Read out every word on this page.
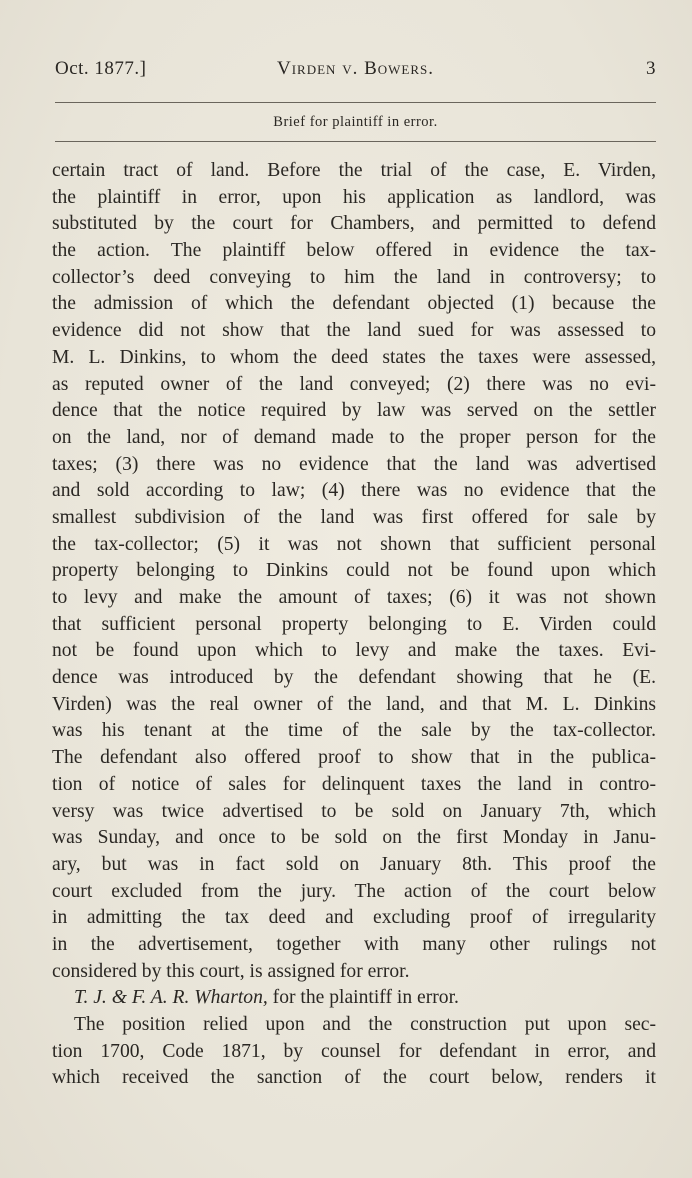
Oct. 1877.]	Virden v. Bowers.	3
Brief for plaintiff in error.
certain tract of land. Before the trial of the case, E. Virden,
the plaintiff in error, upon his application as landlord, was
substituted by the court for Chambers, and permitted to defend
the action. The plaintiff below offered in evidence the tax-
collector’s deed conveying to him the land in controversy; to
the admission of which the defendant objected (1) because the
evidence did not show that the land sued for was assessed to
M. L. Dinkins, to whom the deed states the taxes were assessed,
as reputed owner of the land conveyed; (2) there was no evi-
dence that the notice required by law was served on the settler
on the land, nor of demand made to the proper person for the
taxes; (3) there was no evidence that the land was advertised
and sold according to law; (4) there was no evidence that the
smallest subdivision of the land was first offered for sale by
the tax-collector; (5) it was not shown that sufficient personal
property belonging to Dinkins could not be found upon which
to levy and make the amount of taxes; (6) it was not shown
that sufficient personal property belonging to E. Virden could
not be found upon which to levy and make the taxes. Evi-
dence was introduced by the defendant showing that he (E.
Virden) was the real owner of the land, and that M. L. Dinkins
was his tenant at the time of the sale by the tax-collector.
The defendant also offered proof to show that in the publica-
tion of notice of sales for delinquent taxes the land in contro-
versy was twice advertised to be sold on January 7th, which
was Sunday, and once to be sold on the first Monday in Janu-
ary, but was in fact sold on January 8th. This proof the
court excluded from the jury. The action of the court below
in admitting the tax deed and excluding proof of irregularity
in the advertisement, together with many other rulings not
considered by this court, is assigned for error.
T. J. & F. A. R. Wharton, for the plaintiff in error.
The position relied upon and the construction put upon sec-
tion 1700, Code 1871, by counsel for defendant in error, and
which received the sanction of the court below, renders it
